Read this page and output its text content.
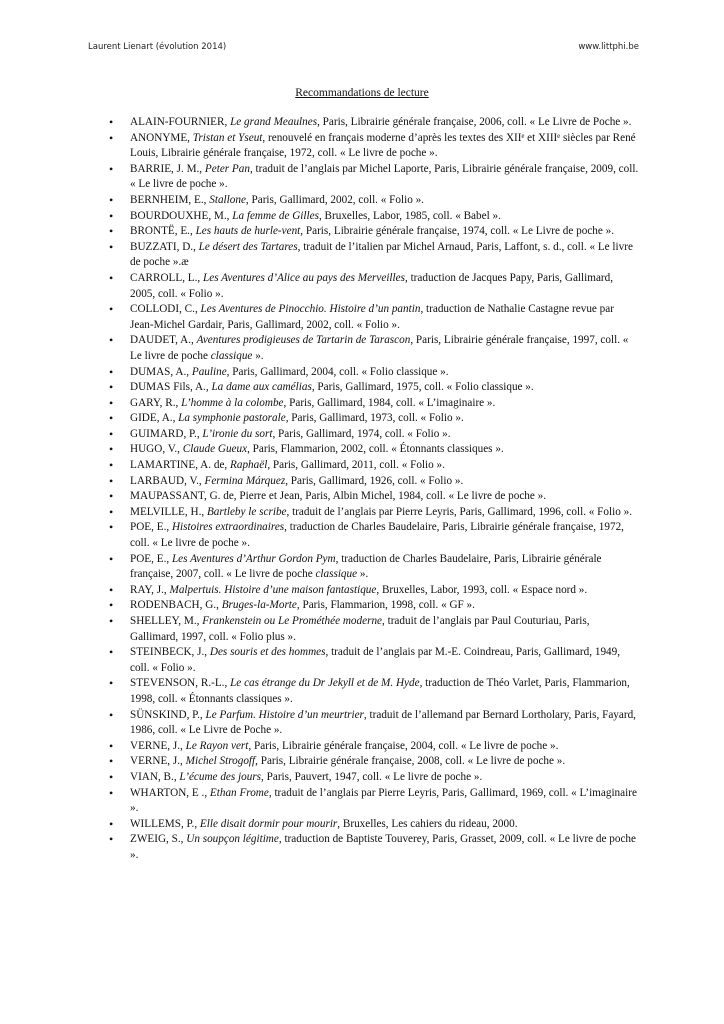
Laurent Lienart (évolution 2014)	www.littphi.be
Recommandations de lecture
• ALAIN-FOURNIER, Le grand Meaulnes, Paris, Librairie générale française, 2006, coll. « Le Livre de Poche ».
• ANONYME, Tristan et Yseut, renouvelé en français moderne d’après les textes des XIIᵉ et XIIIᵉ siècles par René Louis, Librairie générale française, 1972, coll. « Le livre de poche ».
• BARRIE, J. M., Peter Pan, traduit de l’anglais par Michel Laporte, Paris, Librairie générale française, 2009, coll. « Le livre de poche ».
• BERNHEIM, E., Stallone, Paris, Gallimard, 2002, coll. « Folio ».
• BOURDOUXHE, M., La femme de Gilles, Bruxelles, Labor, 1985, coll. « Babel ».
• BRONTË, E., Les hauts de hurle-vent, Paris, Librairie générale française, 1974, coll. « Le Livre de poche ».
• BUZZATI, D., Le désert des Tartares, traduit de l’italien par Michel Arnaud, Paris, Laffont, s. d., coll. « Le livre de poche ».æ
• CARROLL, L., Les Aventures d’Alice au pays des Merveilles, traduction de Jacques Papy, Paris, Gallimard, 2005, coll. « Folio ».
• COLLODI, C., Les Aventures de Pinocchio. Histoire d’un pantin, traduction de Nathalie Castagne revue par Jean-Michel Gardair, Paris, Gallimard, 2002, coll. « Folio ».
• DAUDET, A., Aventures prodigieuses de Tartarin de Tarascon, Paris, Librairie générale française, 1997, coll. « Le livre de poche classique ».
• DUMAS, A., Pauline, Paris, Gallimard, 2004, coll. « Folio classique ».
• DUMAS Fils, A., La dame aux camélias, Paris, Gallimard, 1975, coll. « Folio classique ».
• GARY, R., L’homme à la colombe, Paris, Gallimard, 1984, coll. « L’imaginaire ».
• GIDE, A., La symphonie pastorale, Paris, Gallimard, 1973, coll. « Folio ».
• GUIMARD, P., L’ironie du sort, Paris, Gallimard, 1974, coll. « Folio ».
• HUGO, V., Claude Gueux, Paris, Flammarion, 2002, coll. « Étonnants classiques ».
• LAMARTINE, A. de, Raphaël, Paris, Gallimard, 2011, coll. « Folio ».
• LARBAUD, V., Fermina Márquez, Paris, Gallimard, 1926, coll. « Folio ».
• MAUPASSANT, G. de, Pierre et Jean, Paris, Albin Michel, 1984, coll. « Le livre de poche ».
• MELVILLE, H., Bartleby le scribe, traduit de l’anglais par Pierre Leyris, Paris, Gallimard, 1996, coll. « Folio ».
• POE, E., Histoires extraordinaires, traduction de Charles Baudelaire, Paris, Librairie générale française, 1972, coll. « Le livre de poche ».
• POE, E., Les Aventures d’Arthur Gordon Pym, traduction de Charles Baudelaire, Paris, Librairie générale française, 2007, coll. « Le livre de poche classique ».
• RAY, J., Malpertuis. Histoire d’une maison fantastique, Bruxelles, Labor, 1993, coll. « Espace nord ».
• RODENBACH, G., Bruges-la-Morte, Paris, Flammarion, 1998, coll. « GF ».
• SHELLEY, M., Frankenstein ou Le Prométhée moderne, traduit de l’anglais par Paul Couturiau, Paris, Gallimard, 1997, coll. « Folio plus ».
• STEINBECK, J., Des souris et des hommes, traduit de l’anglais par M.-E. Coindreau, Paris, Gallimard, 1949, coll. « Folio ».
• STEVENSON, R.-L., Le cas étrange du Dr Jekyll et de M. Hyde, traduction de Théo Varlet, Paris, Flammarion, 1998, coll. « Étonnants classiques ».
• SÜNSKIND, P., Le Parfum. Histoire d’un meurtrier, traduit de l’allemand par Bernard Lortholary, Paris, Fayard, 1986, coll. « Le Livre de Poche ».
• VERNE, J., Le Rayon vert, Paris, Librairie générale française, 2004, coll. « Le livre de poche ».
• VERNE, J., Michel Strogoff, Paris, Librairie générale française, 2008, coll. « Le livre de poche ».
• VIAN, B., L’écume des jours, Paris, Pauvert, 1947, coll. « Le livre de poche ».
• WHARTON, E ., Ethan Frome, traduit de l’anglais par Pierre Leyris, Paris, Gallimard, 1969, coll. « L’imaginaire ».
• WILLEMS, P., Elle disait dormir pour mourir, Bruxelles, Les cahiers du rideau, 2000.
• ZWEIG, S., Un soupçon légitime, traduction de Baptiste Touverey, Paris, Grasset, 2009, coll. « Le livre de poche ».
